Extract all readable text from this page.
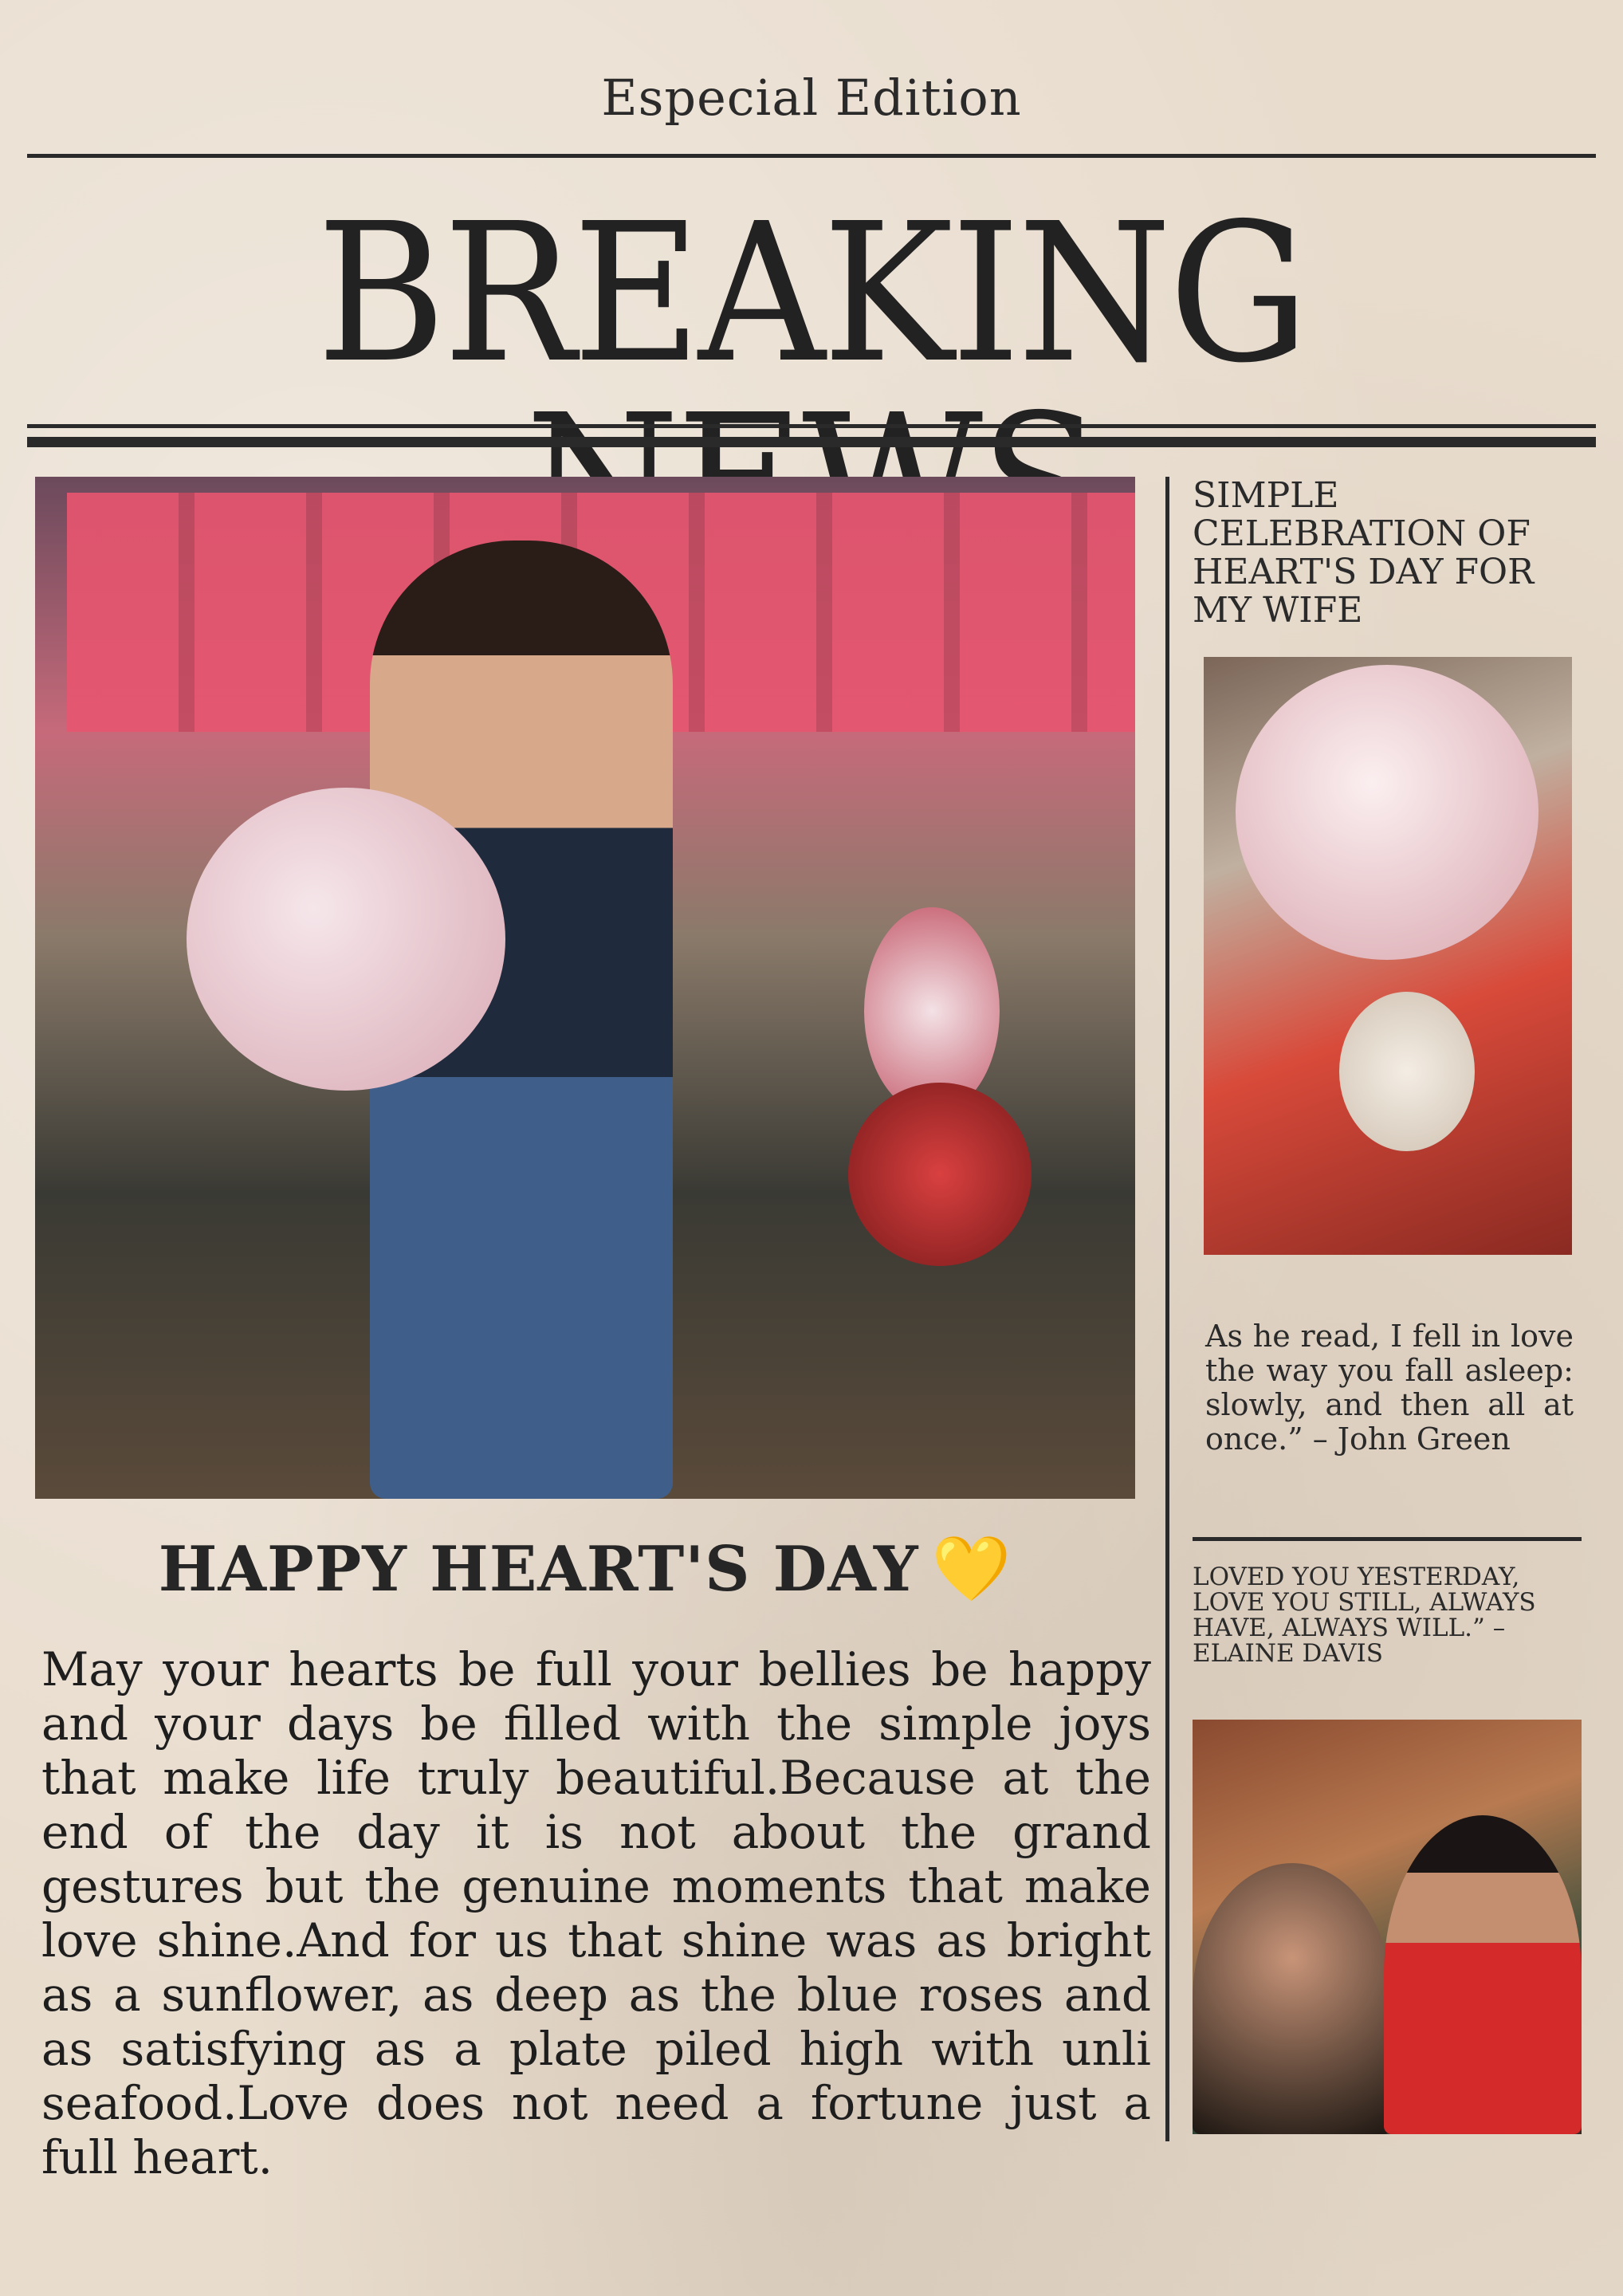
Especial Edition
BREAKING
SIMPLE CELEBRATION OF HEART'S DAY FOR MY WIFE
As he read, I fell in love the way you fall asleep: slowly, and then all at once.” – John Green
LOVED YOU YESTERDAY, LOVE YOU STILL, ALWAYS HAVE, ALWAYS WILL.” – ELAINE DAVIS
HAPPY HEART'S DAY 💛
May your hearts be full your bellies be happy and your days be filled with the simple joys that make life truly beautiful.Because at the end of the day it is not about the grand gestures but the genuine moments that make love shine.And for us that shine was as bright as a sunflower, as deep as the blue roses and as satisfying as a plate piled high with unli seafood.Love does not need a fortune just a full heart.
